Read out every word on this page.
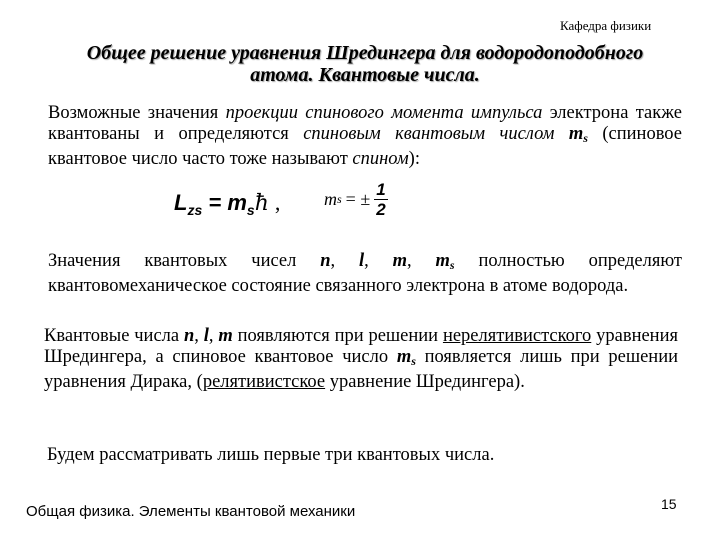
Кафедра физики
Общее решение уравнения Шредингера для водородоподобного
атома. Квантовые числа.
Возможные значения проекции спинового момента импульса электрона также квантованы и определяются спиновым квантовым числом $m_s$ (спиновое квантовое число часто тоже называют спином):
$L_{zs}$ = $m_sħ$ , m s = ± $\frac{1}{2}$
Значения квантовых чисел n, l, m, $m_s$ полностью определяют квантовомеханическое состояние связанного электрона в атоме водорода.
Квантовые числа n, l, m появляются при решении нерелятивистского уравнения Шредингера, а спиновое квантовое число $m_s$ появляется лишь при решении уравнения Дирака, (релятивистское уравнение Шредингера).
Будем рассматривать лишь первые три квантовых числа.
Общая физика. Элементы квантовой механики	15
